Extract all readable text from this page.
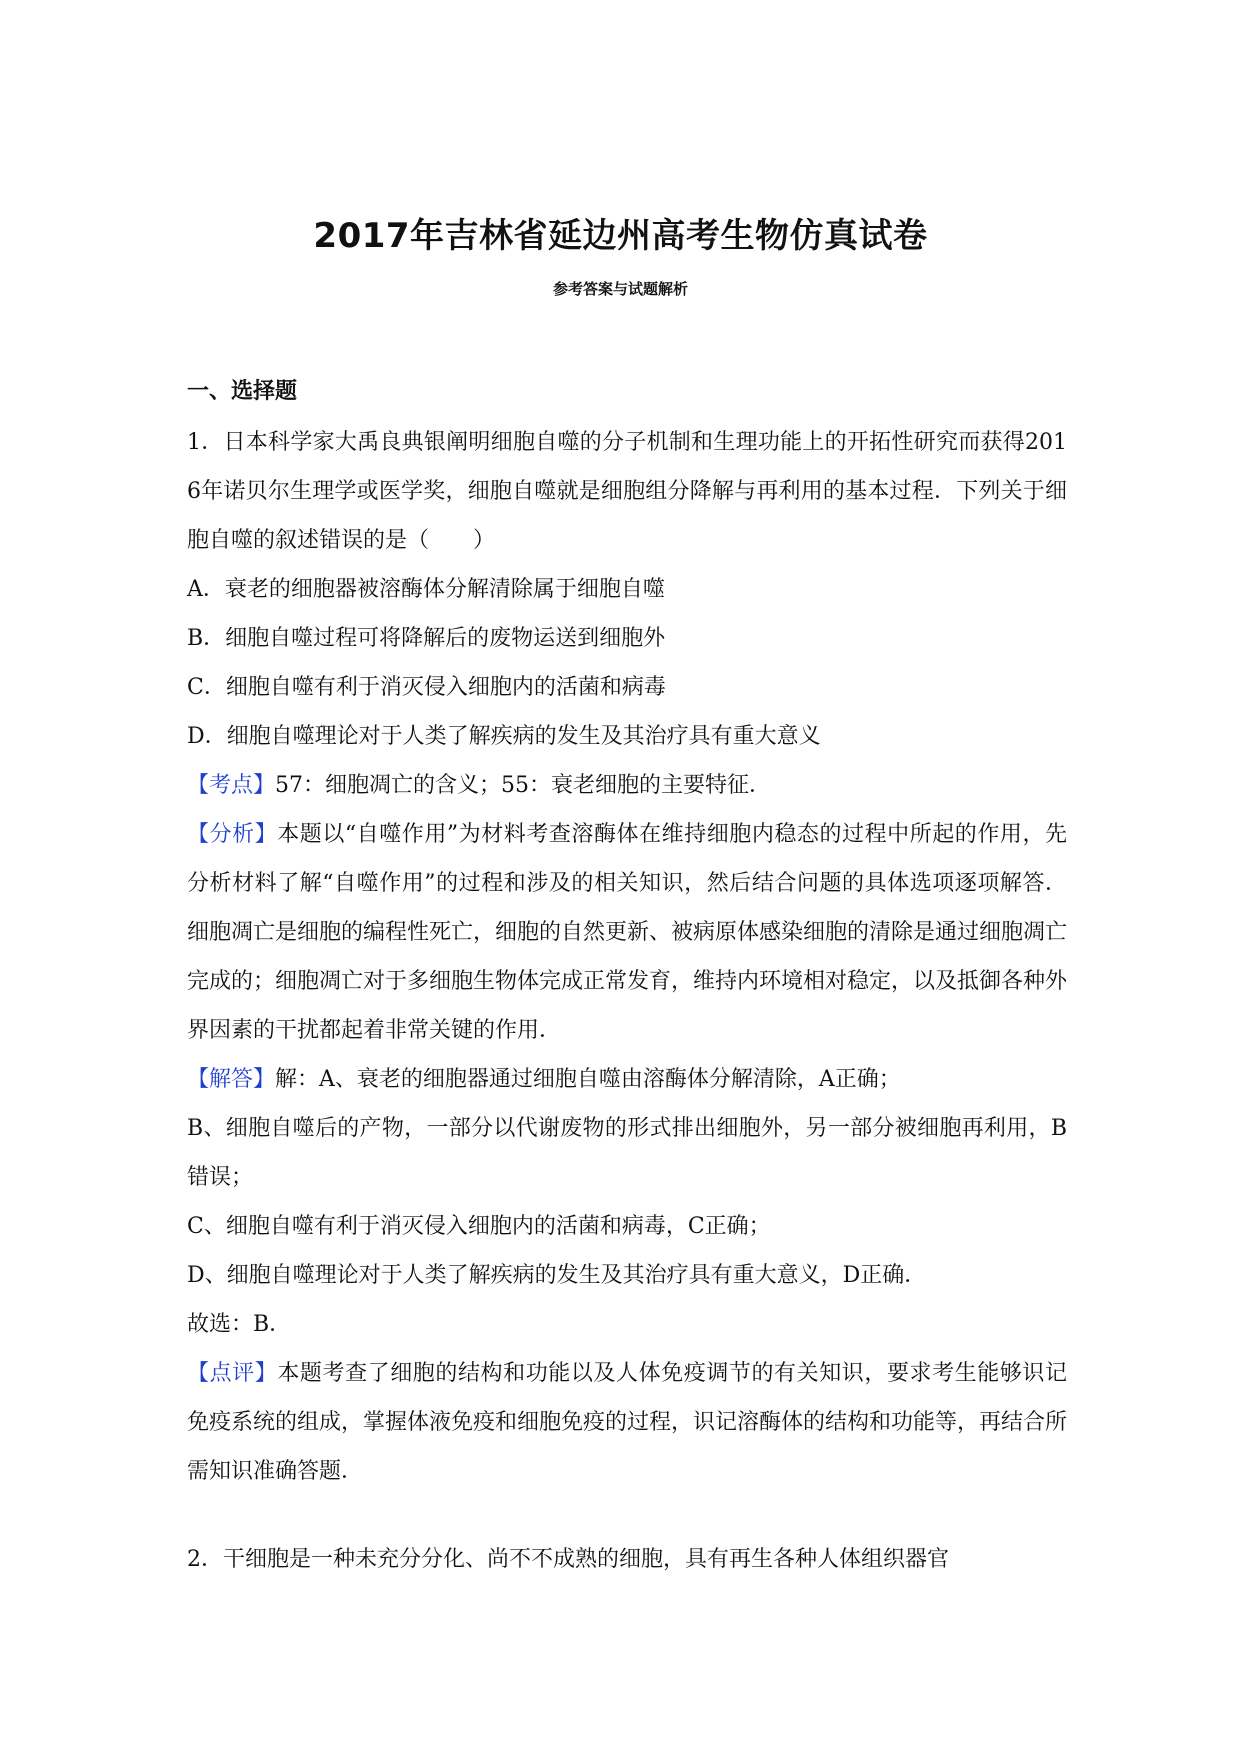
2017年吉林省延边州高考生物仿真试卷
参考答案与试题解析
一、选择题

1．日本科学家大禹良典银阐明细胞自噬的分子机制和生理功能上的开拓性研究而获得2016年诺贝尔生理学或医学奖，细胞自噬就是细胞组分降解与再利用的基本过程．下列关于细胞自噬的叙述错误的是（　　）

A．衰老的细胞器被溶酶体分解清除属于细胞自噬

B．细胞自噬过程可将降解后的废物运送到细胞外

C．细胞自噬有利于消灭侵入细胞内的活菌和病毒

D．细胞自噬理论对于人类了解疾病的发生及其治疗具有重大意义

【考点】57：细胞凋亡的含义；55：衰老细胞的主要特征．

【分析】本题以“自噬作用”为材料考查溶酶体在维持细胞内稳态的过程中所起的作用，先分析材料了解“自噬作用”的过程和涉及的相关知识，然后结合问题的具体选项逐项解答．细胞凋亡是细胞的编程性死亡，细胞的自然更新、被病原体感染细胞的清除是通过细胞凋亡完成的；细胞凋亡对于多细胞生物体完成正常发育，维持内环境相对稳定，以及抵御各种外界因素的干扰都起着非常关键的作用．

【解答】解：A、衰老的细胞器通过细胞自噬由溶酶体分解清除，A正确；

B、细胞自噬后的产物，一部分以代谢废物的形式排出细胞外，另一部分被细胞再利用，B错误；

C、细胞自噬有利于消灭侵入细胞内的活菌和病毒，C正确；

D、细胞自噬理论对于人类了解疾病的发生及其治疗具有重大意义，D正确．

故选：B．

【点评】本题考查了细胞的结构和功能以及人体免疫调节的有关知识，要求考生能够识记免疫系统的组成，掌握体液免疫和细胞免疫的过程，识记溶酶体的结构和功能等，再结合所需知识准确答题．

2．干细胞是一种未充分分化、尚不不成熟的细胞，具有再生各种人体组织器官
